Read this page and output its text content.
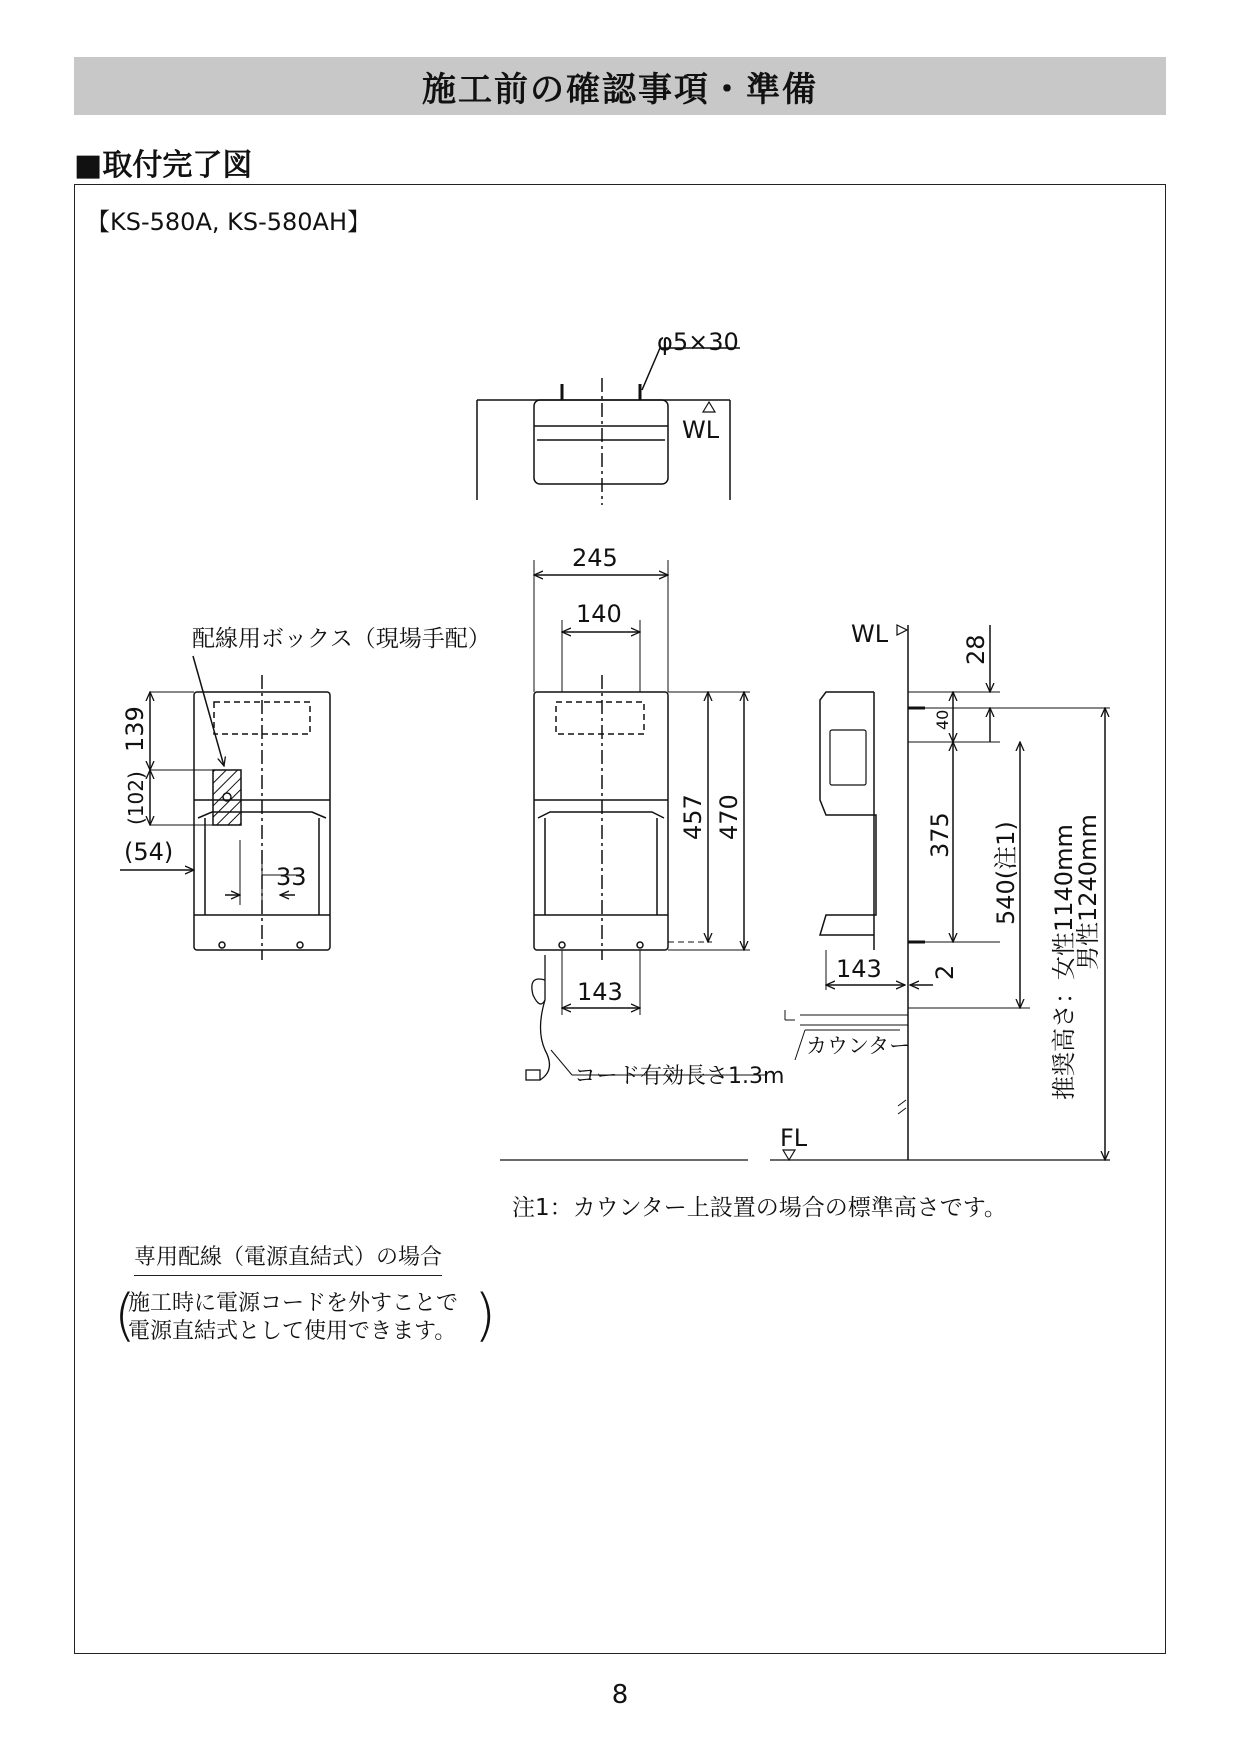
施工前の確認事項・準備
■取付完了図
【KS-580A, KS-580AH】
φ5×30
WL
配線用ボックス（現場手配）
245
140
457 470
143
139
(102)
(54)
33
WL
28
40
375 540(注1)
143 2
コード有効長さ1.3m
カウンター	推奨高さ：女性1140mm
男性1240mm
FL
注1：カウンター上設置の場合の標準高さです。
専用配線（電源直結式）の場合
(
施工時に電源コードを外すことで
電源直結式として使用できます。 )
8
